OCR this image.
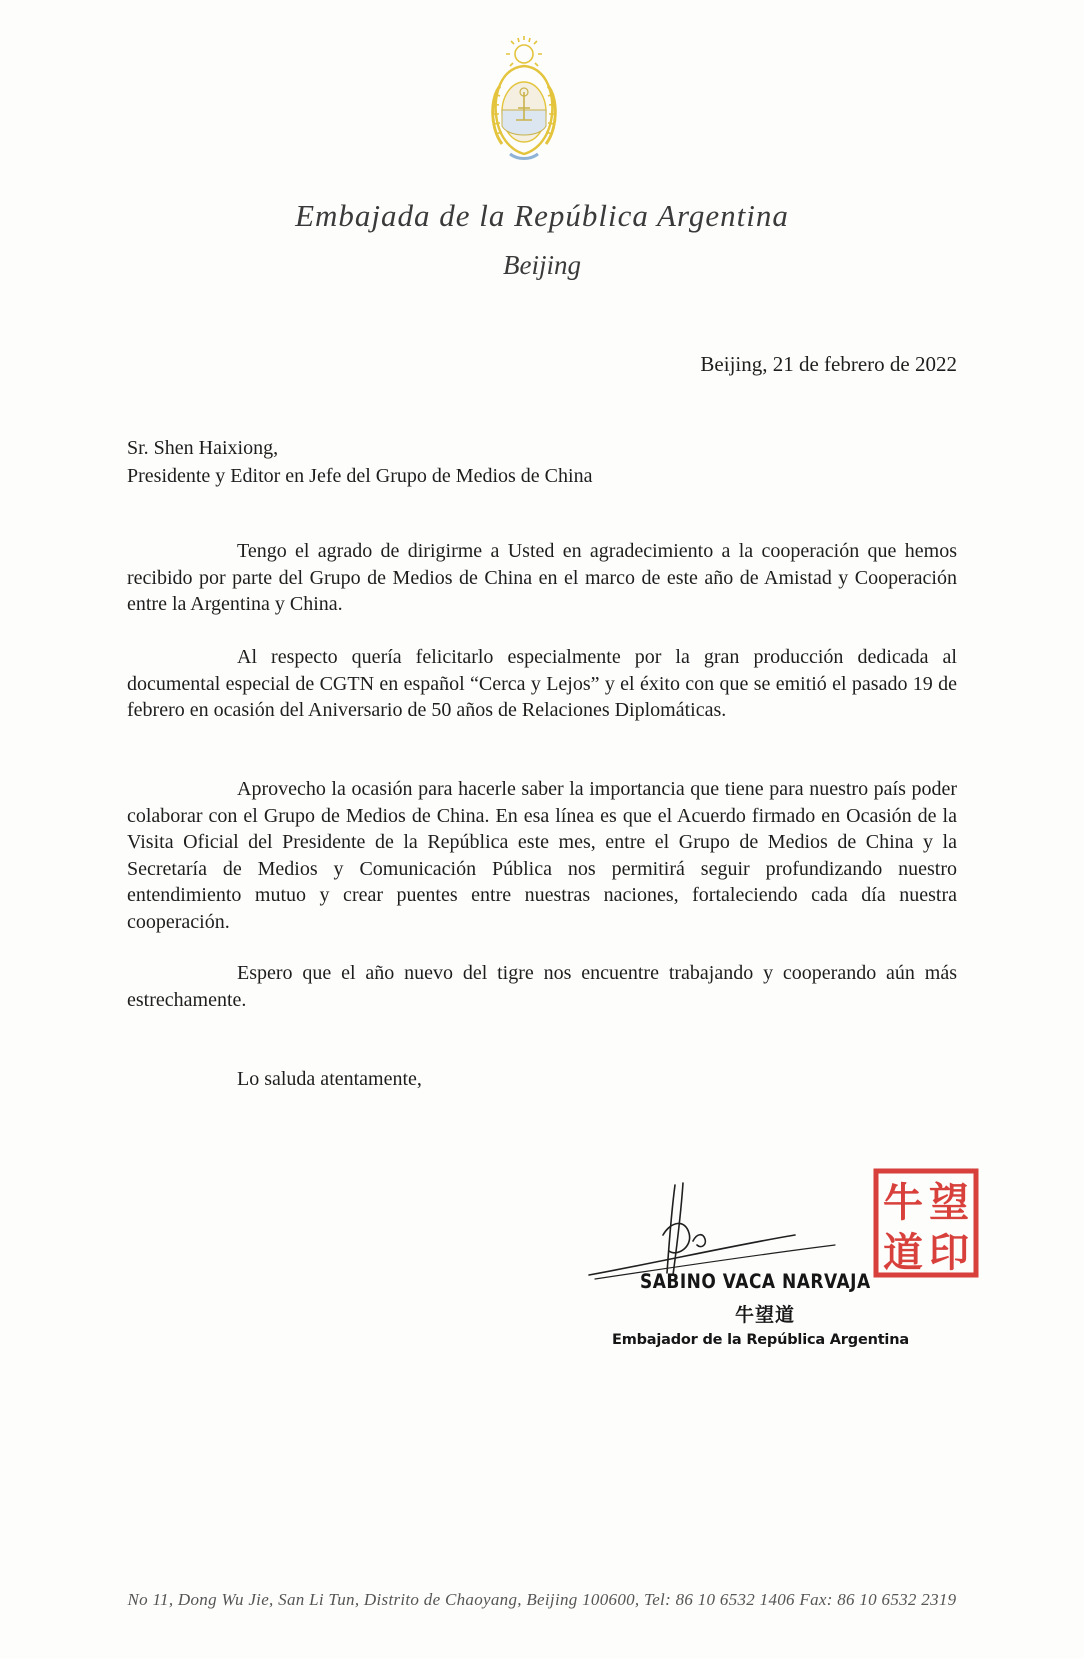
Embajada de la República Argentina
Beijing
Beijing, 21 de febrero de 2022
Sr. Shen Haixiong,
Presidente y Editor en Jefe del Grupo de Medios de China

Tengo el agrado de dirigirme a Usted en agradecimiento a la cooperación que hemos recibido por parte del Grupo de Medios de China en el marco de este año de Amistad y Cooperación entre la Argentina y China.

Al respecto quería felicitarlo especialmente por la gran producción dedicada al documental especial de CGTN en español “Cerca y Lejos” y el éxito con que se emitió el pasado 19 de febrero en ocasión del Aniversario de 50 años de Relaciones Diplomáticas.

Aprovecho la ocasión para hacerle saber la importancia que tiene para nuestro país poder colaborar con el Grupo de Medios de China. En esa línea es que el Acuerdo firmado en Ocasión de la Visita Oficial del Presidente de la República este mes, entre el Grupo de Medios de China y la Secretaría de Medios y Comunicación Pública nos permitirá seguir profundizando nuestro entendimiento mutuo y crear puentes entre nuestras naciones, fortaleciendo cada día nuestra cooperación.

Espero que el año nuevo del tigre nos encuentre trabajando y cooperando aún más estrechamente.

Lo saluda atentamente,
牛 望
道 印
SABINO VACA NARVAJA
牛望道
Embajador de la República Argentina
No 11, Dong Wu Jie, San Li Tun, Distrito de Chaoyang, Beijing 100600, Tel: 86 10 6532 1406 Fax: 86 10 6532 2319
